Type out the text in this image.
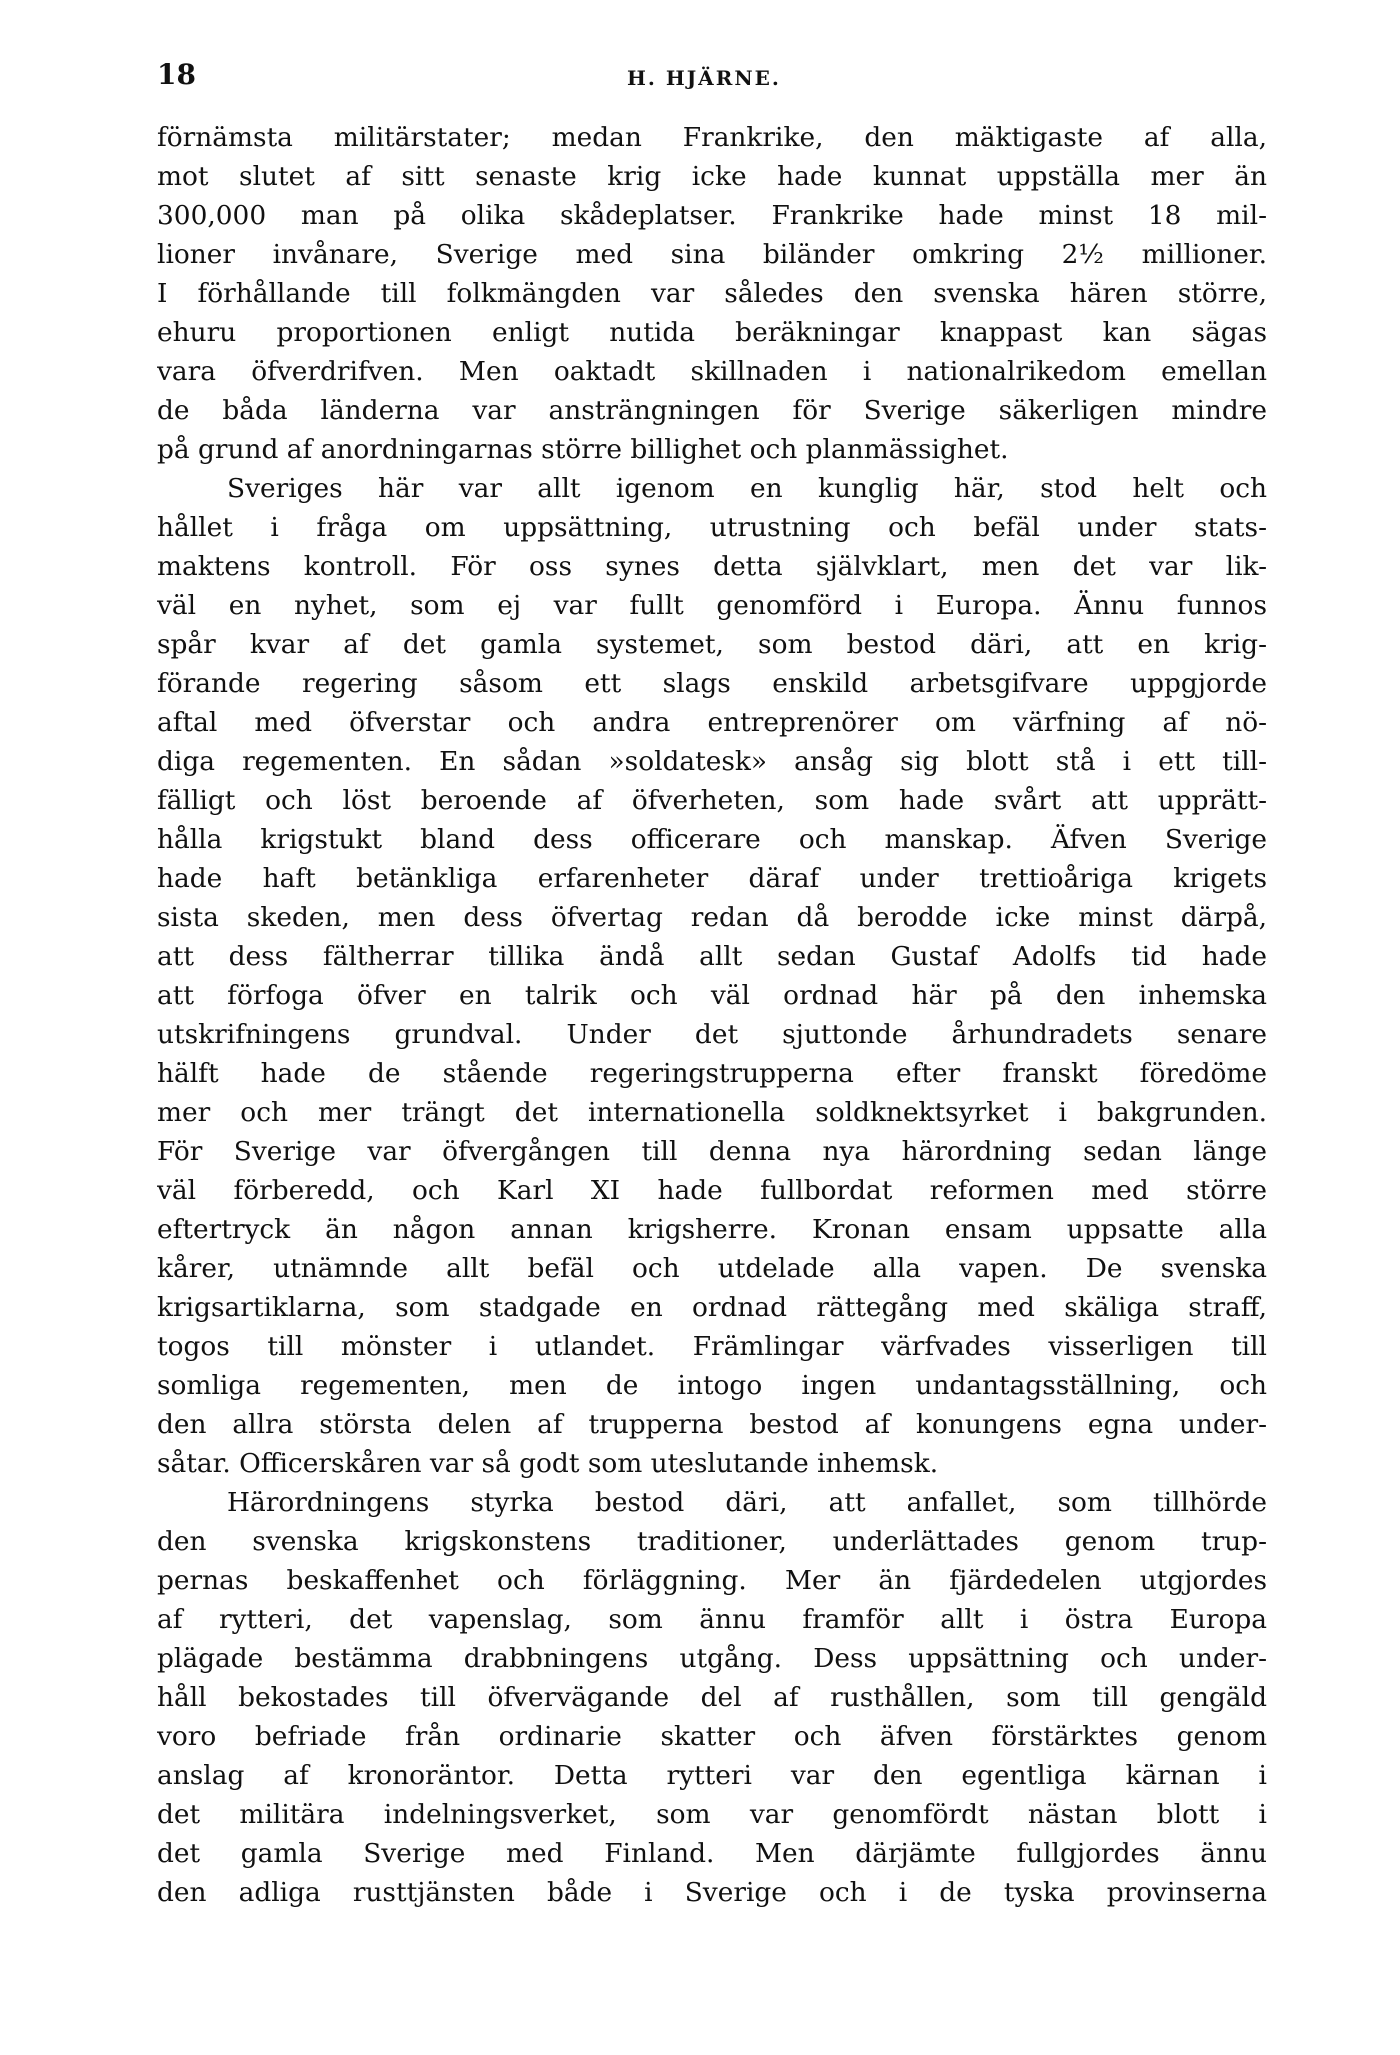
18	H. HJÄRNE.
förnämsta militärstater; medan Frankrike, den mäktigaste af alla,
mot slutet af sitt senaste krig icke hade kunnat uppställa mer än
300,000 man på olika skådeplatser. Frankrike hade minst 18 mil-
lioner invånare, Sverige med sina biländer omkring 2½ millioner.
I förhållande till folkmängden var således den svenska hären större,
ehuru proportionen enligt nutida beräkningar knappast kan sägas
vara öfverdrifven. Men oaktadt skillnaden i nationalrikedom emellan
de båda länderna var ansträngningen för Sverige säkerligen mindre
på grund af anordningarnas större billighet och planmässighet.
Sveriges här var allt igenom en kunglig här, stod helt och
hållet i fråga om uppsättning, utrustning och befäl under stats-
maktens kontroll. För oss synes detta självklart, men det var lik-
väl en nyhet, som ej var fullt genomförd i Europa. Ännu funnos
spår kvar af det gamla systemet, som bestod däri, att en krig-
förande regering såsom ett slags enskild arbetsgifvare uppgjorde
aftal med öfverstar och andra entreprenörer om värfning af nö-
diga regementen. En sådan »soldatesk» ansåg sig blott stå i ett till-
fälligt och löst beroende af öfverheten, som hade svårt att upprätt-
hålla krigstukt bland dess officerare och manskap. Äfven Sverige
hade haft betänkliga erfarenheter däraf under trettioåriga krigets
sista skeden, men dess öfvertag redan då berodde icke minst därpå,
att dess fältherrar tillika ändå allt sedan Gustaf Adolfs tid hade
att förfoga öfver en talrik och väl ordnad här på den inhemska
utskrifningens grundval. Under det sjuttonde århundradets senare
hälft hade de stående regeringstrupperna efter franskt föredöme
mer och mer trängt det internationella soldknektsyrket i bakgrunden.
För Sverige var öfvergången till denna nya härordning sedan länge
väl förberedd, och Karl XI hade fullbordat reformen med större
eftertryck än någon annan krigsherre. Kronan ensam uppsatte alla
kårer, utnämnde allt befäl och utdelade alla vapen. De svenska
krigsartiklarna, som stadgade en ordnad rättegång med skäliga straff,
togos till mönster i utlandet. Främlingar värfvades visserligen till
somliga regementen, men de intogo ingen undantagsställning, och
den allra största delen af trupperna bestod af konungens egna under-
såtar. Officerskåren var så godt som uteslutande inhemsk.
Härordningens styrka bestod däri, att anfallet, som tillhörde
den svenska krigskonstens traditioner, underlättades genom trup-
pernas beskaffenhet och förläggning. Mer än fjärdedelen utgjordes
af rytteri, det vapenslag, som ännu framför allt i östra Europa
plägade bestämma drabbningens utgång. Dess uppsättning och under-
håll bekostades till öfvervägande del af rusthållen, som till gengäld
voro befriade från ordinarie skatter och äfven förstärktes genom
anslag af kronoräntor. Detta rytteri var den egentliga kärnan i
det militära indelningsverket, som var genomfördt nästan blott i
det gamla Sverige med Finland. Men därjämte fullgjordes ännu
den adliga rusttjänsten både i Sverige och i de tyska provinserna
